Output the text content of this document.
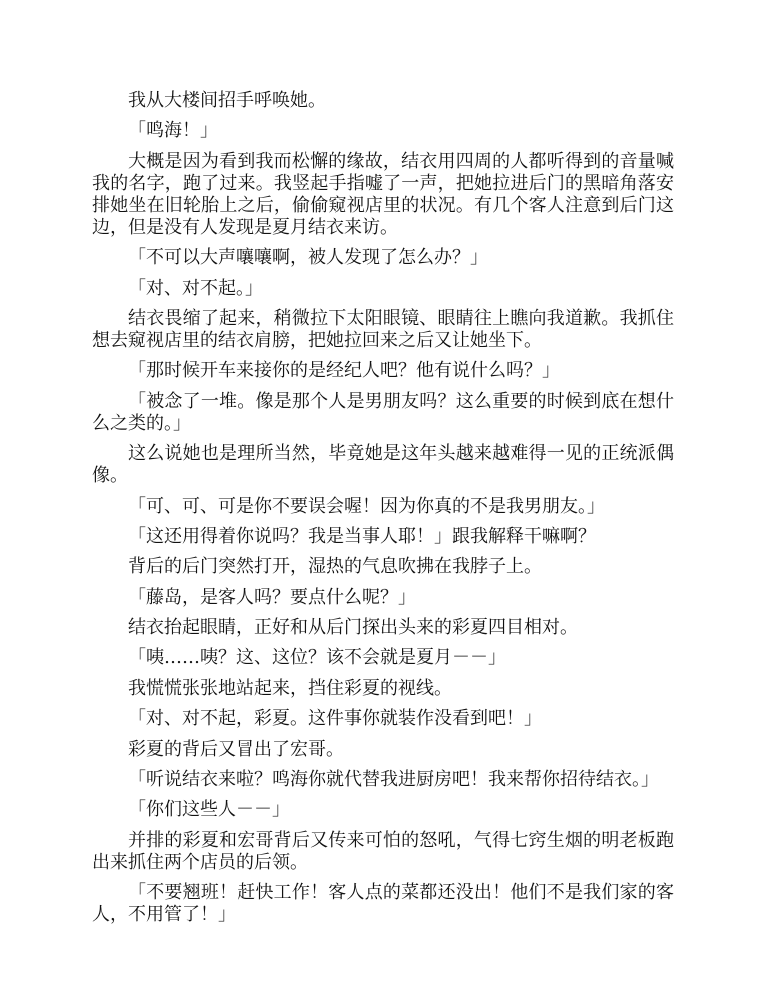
我从大楼间招手呼唤她。

「鸣海！」

大概是因为看到我而松懈的缘故，结衣用四周的人都听得到的音量喊我的名字，跑了过来。我竖起手指嘘了一声，把她拉进后门的黑暗角落安排她坐在旧轮胎上之后，偷偷窥视店里的状况。有几个客人注意到后门这边，但是没有人发现是夏月结衣来访。

「不可以大声嚷嚷啊，被人发现了怎么办？」

「对、对不起。」

结衣畏缩了起来，稍微拉下太阳眼镜、眼睛往上瞧向我道歉。我抓住想去窥视店里的结衣肩膀，把她拉回来之后又让她坐下。

「那时候开车来接你的是经纪人吧？他有说什么吗？」

「被念了一堆。像是那个人是男朋友吗？这么重要的时候到底在想什么之类的。」

这么说她也是理所当然，毕竟她是这年头越来越难得一见的正统派偶像。

「可、可、可是你不要误会喔！因为你真的不是我男朋友。」

「这还用得着你说吗？我是当事人耶！」跟我解释干嘛啊？

背后的后门突然打开，湿热的气息吹拂在我脖子上。

「藤岛，是客人吗？要点什么呢？」

结衣抬起眼睛，正好和从后门探出头来的彩夏四目相对。

「咦……咦？这、这位？该不会就是夏月－－」

我慌慌张张地站起来，挡住彩夏的视线。

「对、对不起，彩夏。这件事你就装作没看到吧！」

彩夏的背后又冒出了宏哥。

「听说结衣来啦？鸣海你就代替我进厨房吧！我来帮你招待结衣。」

「你们这些人－－」

并排的彩夏和宏哥背后又传来可怕的怒吼，气得七窍生烟的明老板跑出来抓住两个店员的后领。

「不要翘班！赶快工作！客人点的菜都还没出！他们不是我们家的客人，不用管了！」
